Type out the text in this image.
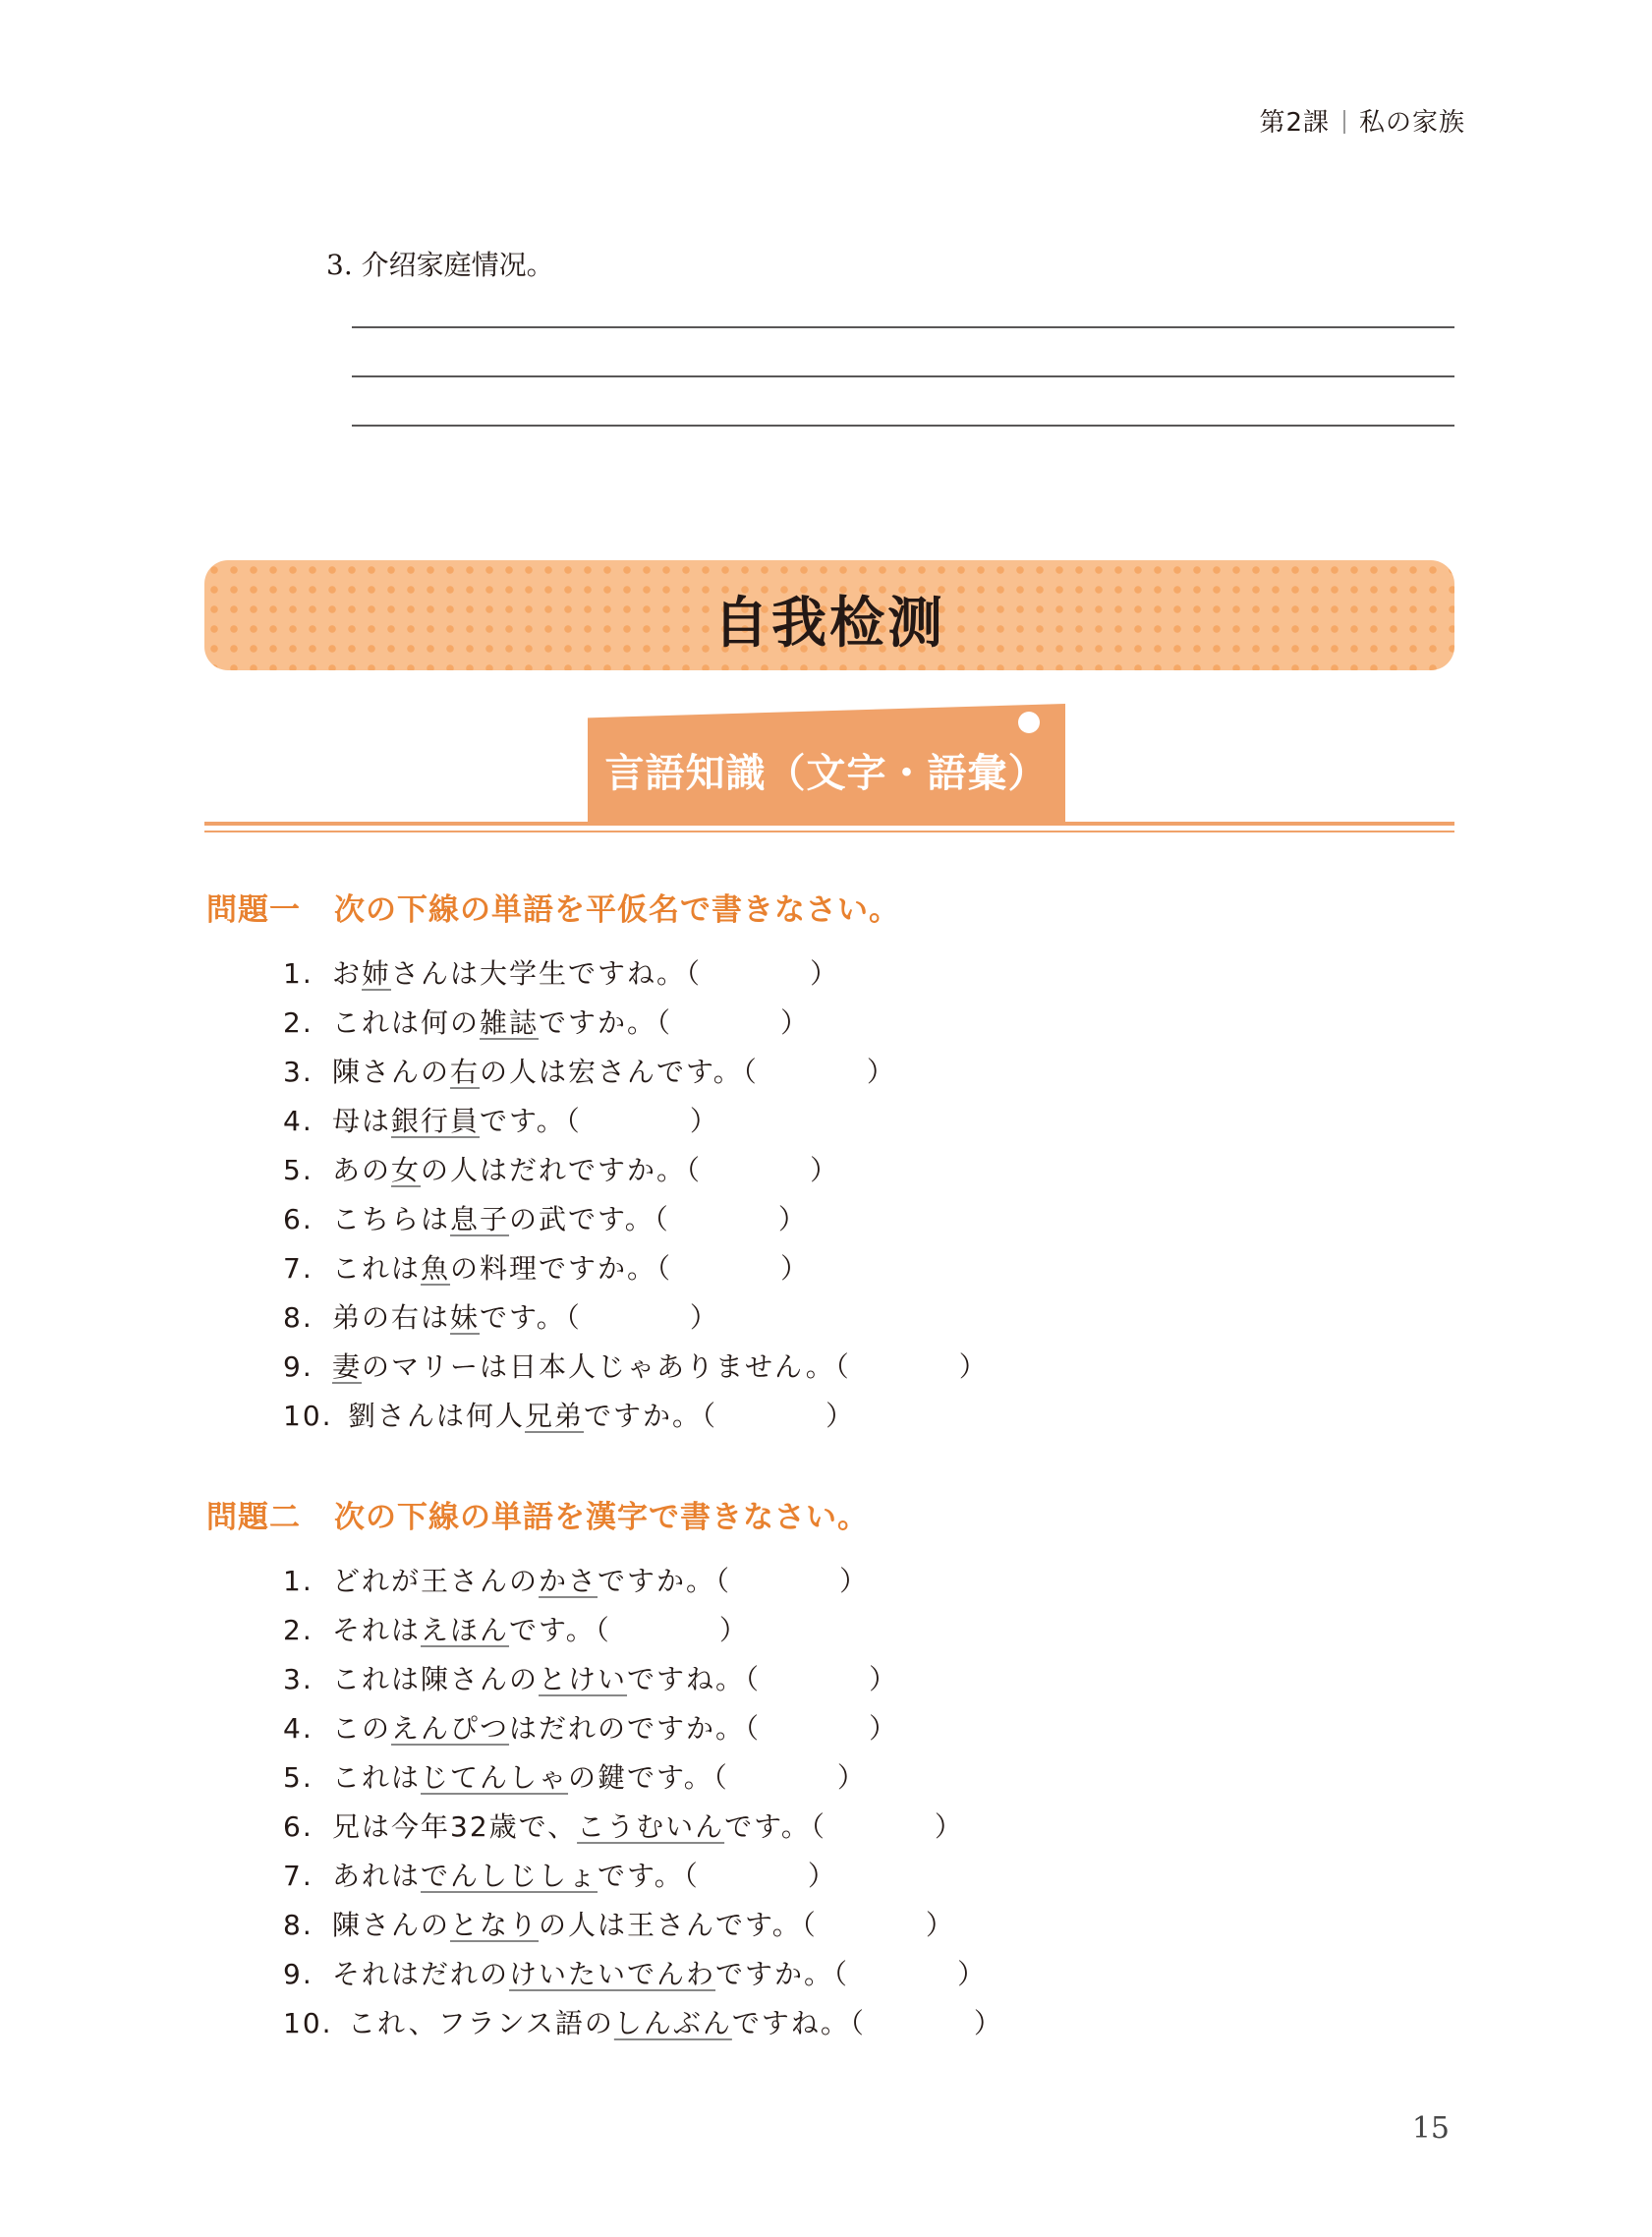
第2課 私の家族
3. 介绍家庭情况。
自我检测
言語知識（文字・語彙）
問題一 次の下線の単語を平仮名で書きなさい。
1. お姉さんは大学生ですね。（	）
2. これは何の雑誌ですか。（	）
3. 陳さんの右の人は宏さんです。（	）
4. 母は銀行員です。（	）
5. あの女の人はだれですか。（	）
6. こちらは息子の武です。（	）
7. これは魚の料理ですか。（	）
8. 弟の右は妹です。（	）
9. 妻のマリーは日本人じゃありません。（	）
10. 劉さんは何人兄弟ですか。（	）
問題二 次の下線の単語を漢字で書きなさい。
1. どれが王さんのかさですか。（	）
2. それはえほんです。（	）
3. これは陳さんのとけいですね。（	）
4. このえんぴつはだれのですか。（	）
5. これはじてんしゃの鍵です。（	）
6. 兄は今年32歳で、こうむいんです。（	）
7. あれはでんしじしょです。（	）
8. 陳さんのとなりの人は王さんです。（	）
9. それはだれのけいたいでんわですか。（	）
10. これ、フランス語のしんぶんですね。（	）
15
